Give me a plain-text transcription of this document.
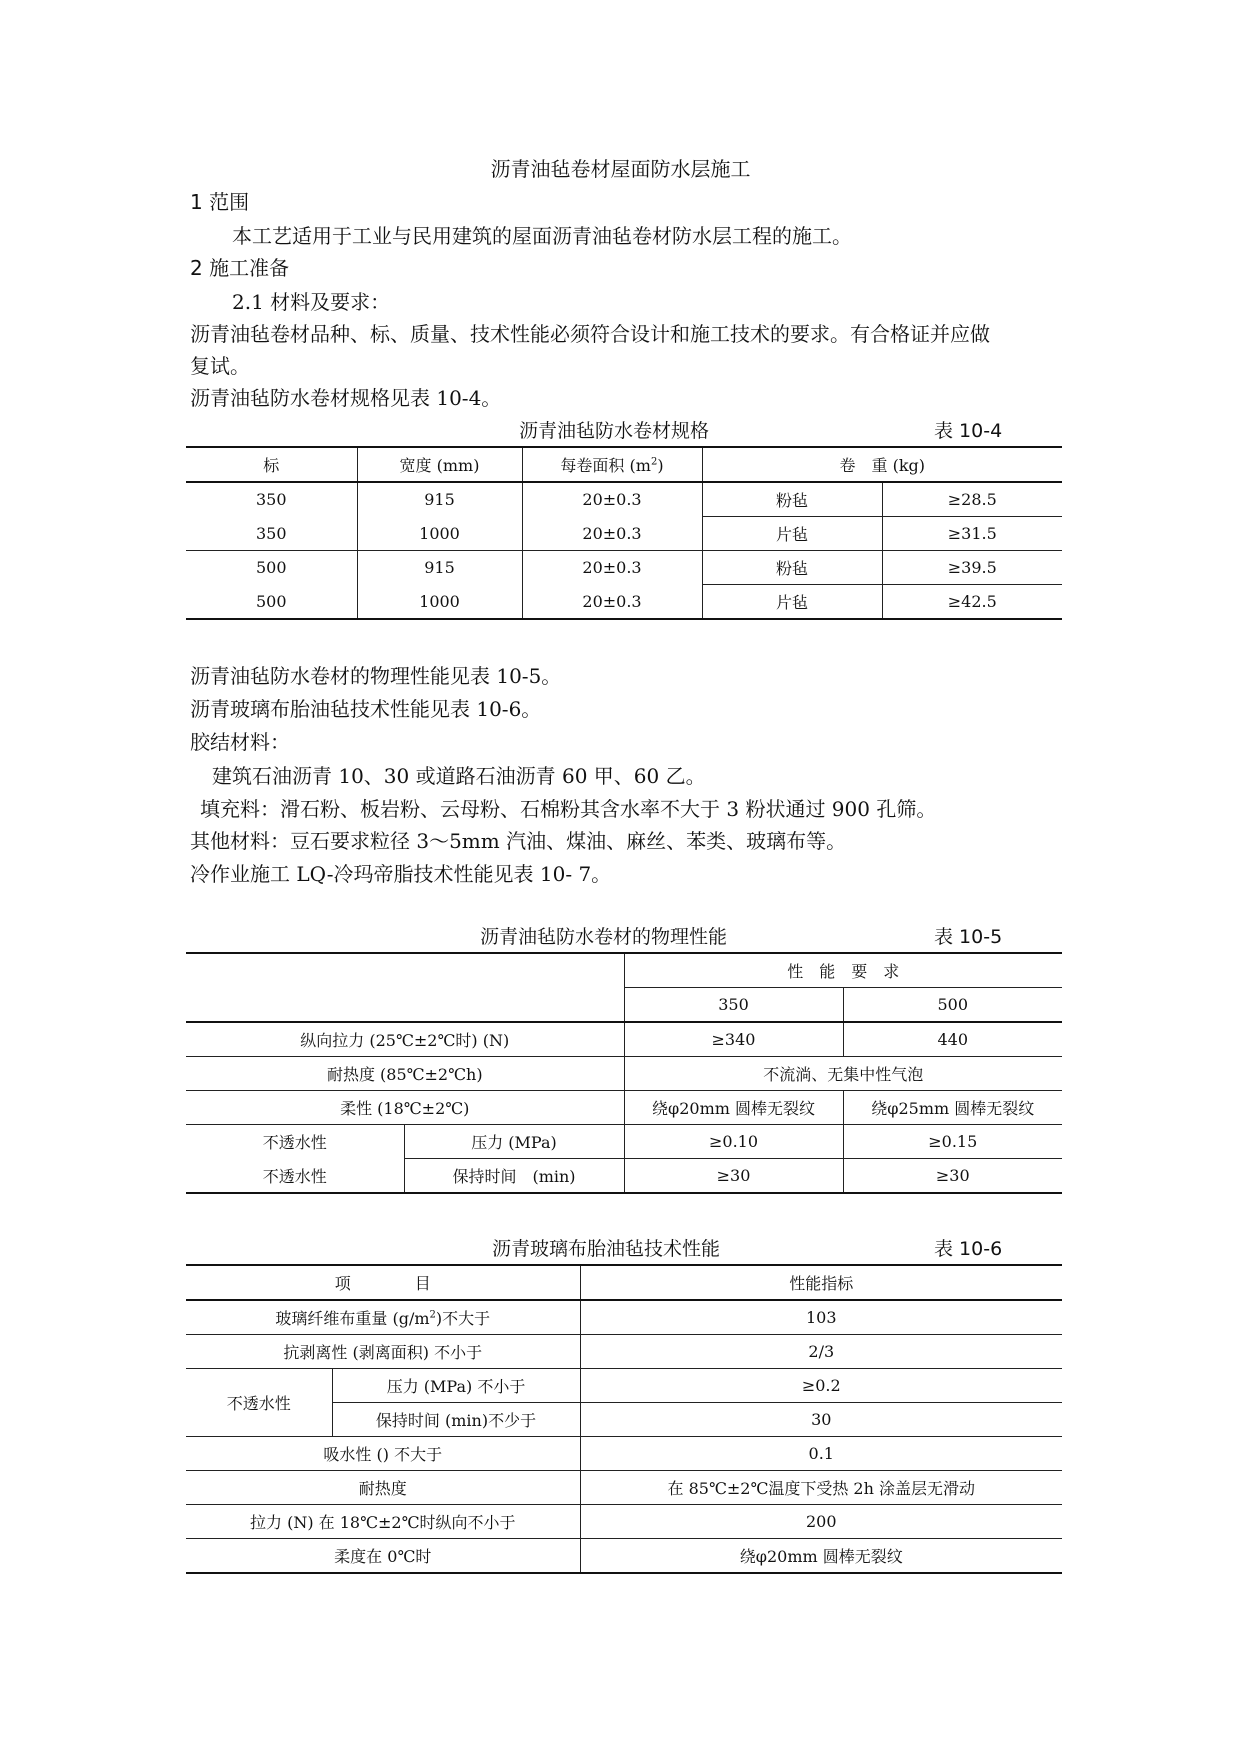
沥青油毡卷材屋面防水层施工
1 范围
本工艺适用于工业与民用建筑的屋面沥青油毡卷材防水层工程的施工。
2 施工准备
2.1 材料及要求：
沥青油毡卷材品种、标、质量、技术性能必须符合设计和施工技术的要求。有合格证并应做
复试。
沥青油毡防水卷材规格见表 10-4。
沥青油毡防水卷材规格	表 10-4
标	宽度 (mm)	每卷面积 $(m^2)$	卷　重 (kg)	
350	915	20±0.3	粉毡	≥28.5
350	1000	20±0.3	片毡	≥31.5
500	915	20±0.3	粉毡	≥39.5
500	1000	20±0.3	片毡	≥42.5
沥青油毡防水卷材的物理性能见表 10-5。
沥青玻璃布胎油毡技术性能见表 10-6。
胶结材料：
建筑石油沥青 10、30 或道路石油沥青 60 甲、60 乙。
填充料：滑石粉、板岩粉、云母粉、石棉粉其含水率不大于 3 粉状通过 900 孔筛。
其他材料：豆石要求粒径 3～5mm 汽油、煤油、麻丝、苯类、玻璃布等。
冷作业施工 LQ-冷玛帝脂技术性能见表 10- 7。
沥青油毡防水卷材的物理性能	表 10-5
		性　能　要　求	
		350	500
纵向拉力 (25℃±2℃时) (N)		≥340	440
耐热度 (85℃±2℃h)		不流淌、无集中性气泡	
柔性 (18℃±2℃)		绕φ20mm 圆棒无裂纹	绕φ25mm 圆棒无裂纹
不透水性	压力 (MPa)	≥0.10	≥0.15
不透水性	保持时间　(min)	≥30	≥30
沥青玻璃布胎油毡技术性能	表 10-6
项　　　　目		性能指标
玻璃纤维布重量 $(g/m^2)$不大于		103
抗剥离性 (剥离面积) 不小于		2/3
不透水性	压力 (MPa) 不小于	≥0.2
	保持时间 (min)不少于	30
吸水性 () 不大于		0.1
耐热度		在 85℃±2℃温度下受热 2h 涂盖层无滑动
拉力 (N) 在 18℃±2℃时纵向不小于		200
柔度在 0℃时		绕φ20mm 圆棒无裂纹
